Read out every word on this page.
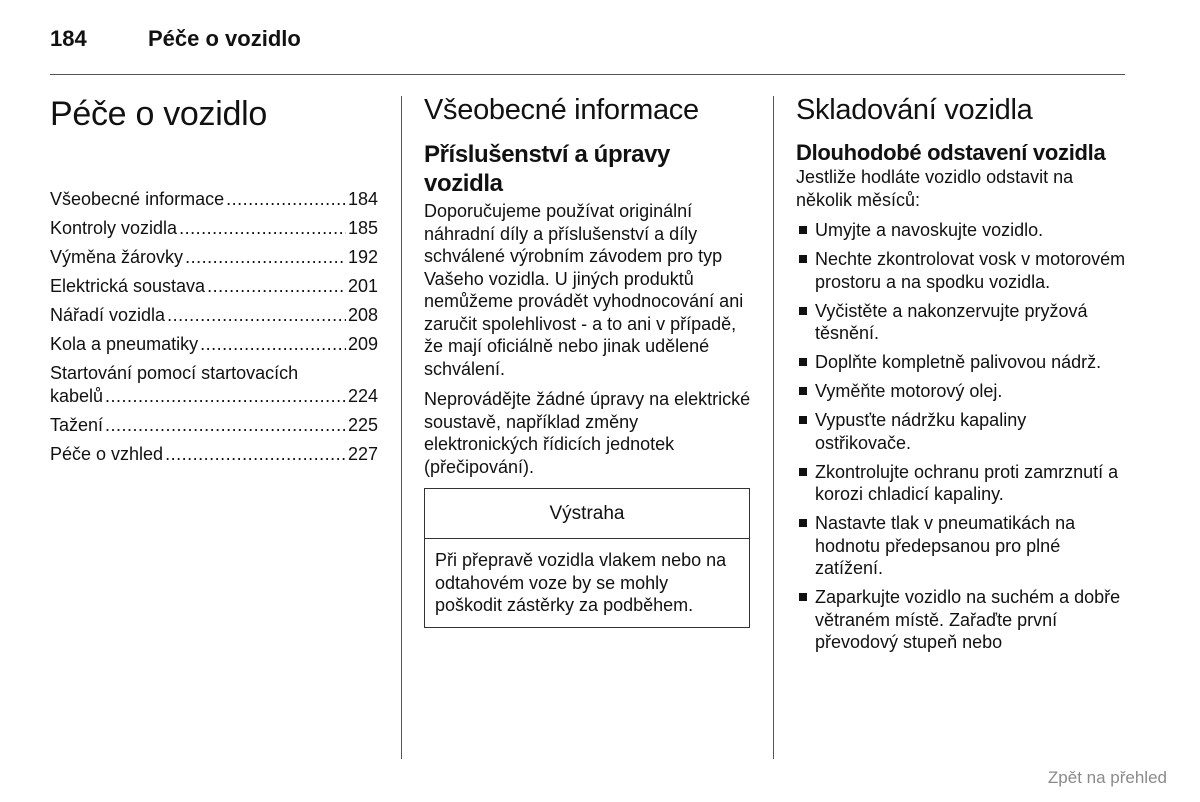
184	Péče o vozidlo
Péče o vozidlo
Všeobecné informace .....	184
Kontroly vozidla .....	185
Výměna žárovky .....	192
Elektrická soustava .....	201
Nářadí vozidla .....	208
Kola a pneumatiky .....	209
Startování pomocí startovacích
kabelů .....	224
Tažení .....	225
Péče o vzhled .....	227
Všeobecné informace
Příslušenství a úpravy vozidla

Doporučujeme používat originální náhradní díly a příslušenství a díly schválené výrobním závodem pro typ Vašeho vozidla. U jiných produktů nemůžeme provádět vyhodnocování ani zaručit spolehlivost - a to ani v případě, že mají oficiálně nebo jinak udělené schválení.

Neprovádějte žádné úpravy na elektrické soustavě, například změny elektronických řídicích jednotek (přečipování).

Výstraha
Při přepravě vozidla vlakem nebo na odtahovém voze by se mohly poškodit zástěrky za podběhem.
Skladování vozidla
Dlouhodobé odstavení vozidla

Jestliže hodláte vozidlo odstavit na několik měsíců:

Umyjte a navoskujte vozidlo.
Nechte zkontrolovat vosk v motorovém prostoru a na spodku vozidla.
Vyčistěte a nakonzervujte pryžová těsnění.
Doplňte kompletně palivovou nádrž.
Vyměňte motorový olej.
Vypusťte nádržku kapaliny ostřikovače.
Zkontrolujte ochranu proti zamrznutí a korozi chladicí kapaliny.
Nastavte tlak v pneumatikách na hodnotu předepsanou pro plné zatížení.
Zaparkujte vozidlo na suchém a dobře větraném místě. Zařaďte první převodový stupeň nebo
Zpět na přehled
